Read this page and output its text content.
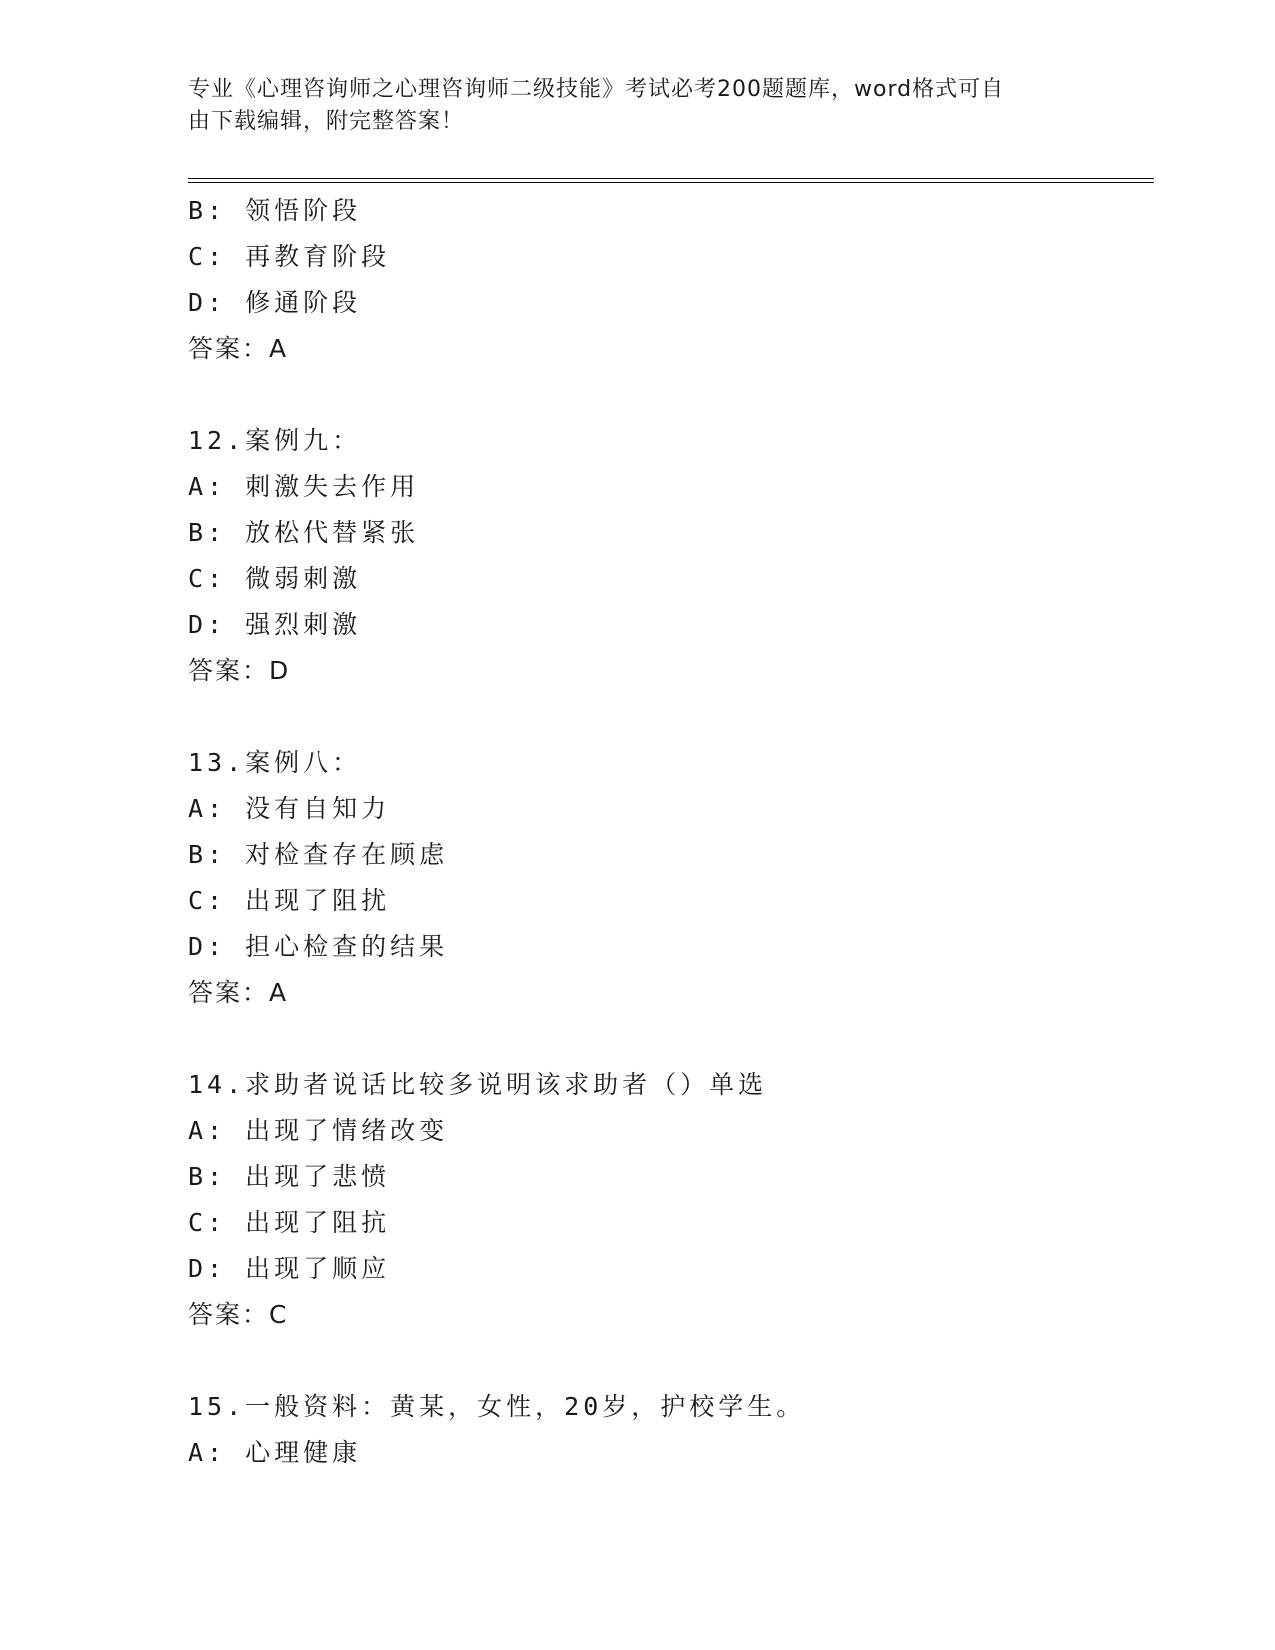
专业《心理咨询师之心理咨询师二级技能》考试必考200题题库，word格式可自
由下载编辑，附完整答案！
B: 领悟阶段
C: 再教育阶段
D: 修通阶段
答案：A
12.案例九：
A: 刺激失去作用
B: 放松代替紧张
C: 微弱刺激
D: 强烈刺激
答案：D
13.案例八：
A: 没有自知力
B: 对检查存在顾虑
C: 出现了阻扰
D: 担心检查的结果
答案：A
14.求助者说话比较多说明该求助者（）单选
A: 出现了情绪改变
B: 出现了悲愤
C: 出现了阻抗
D: 出现了顺应
答案：C
15.一般资料：黄某，女性，20岁，护校学生。
A: 心理健康
